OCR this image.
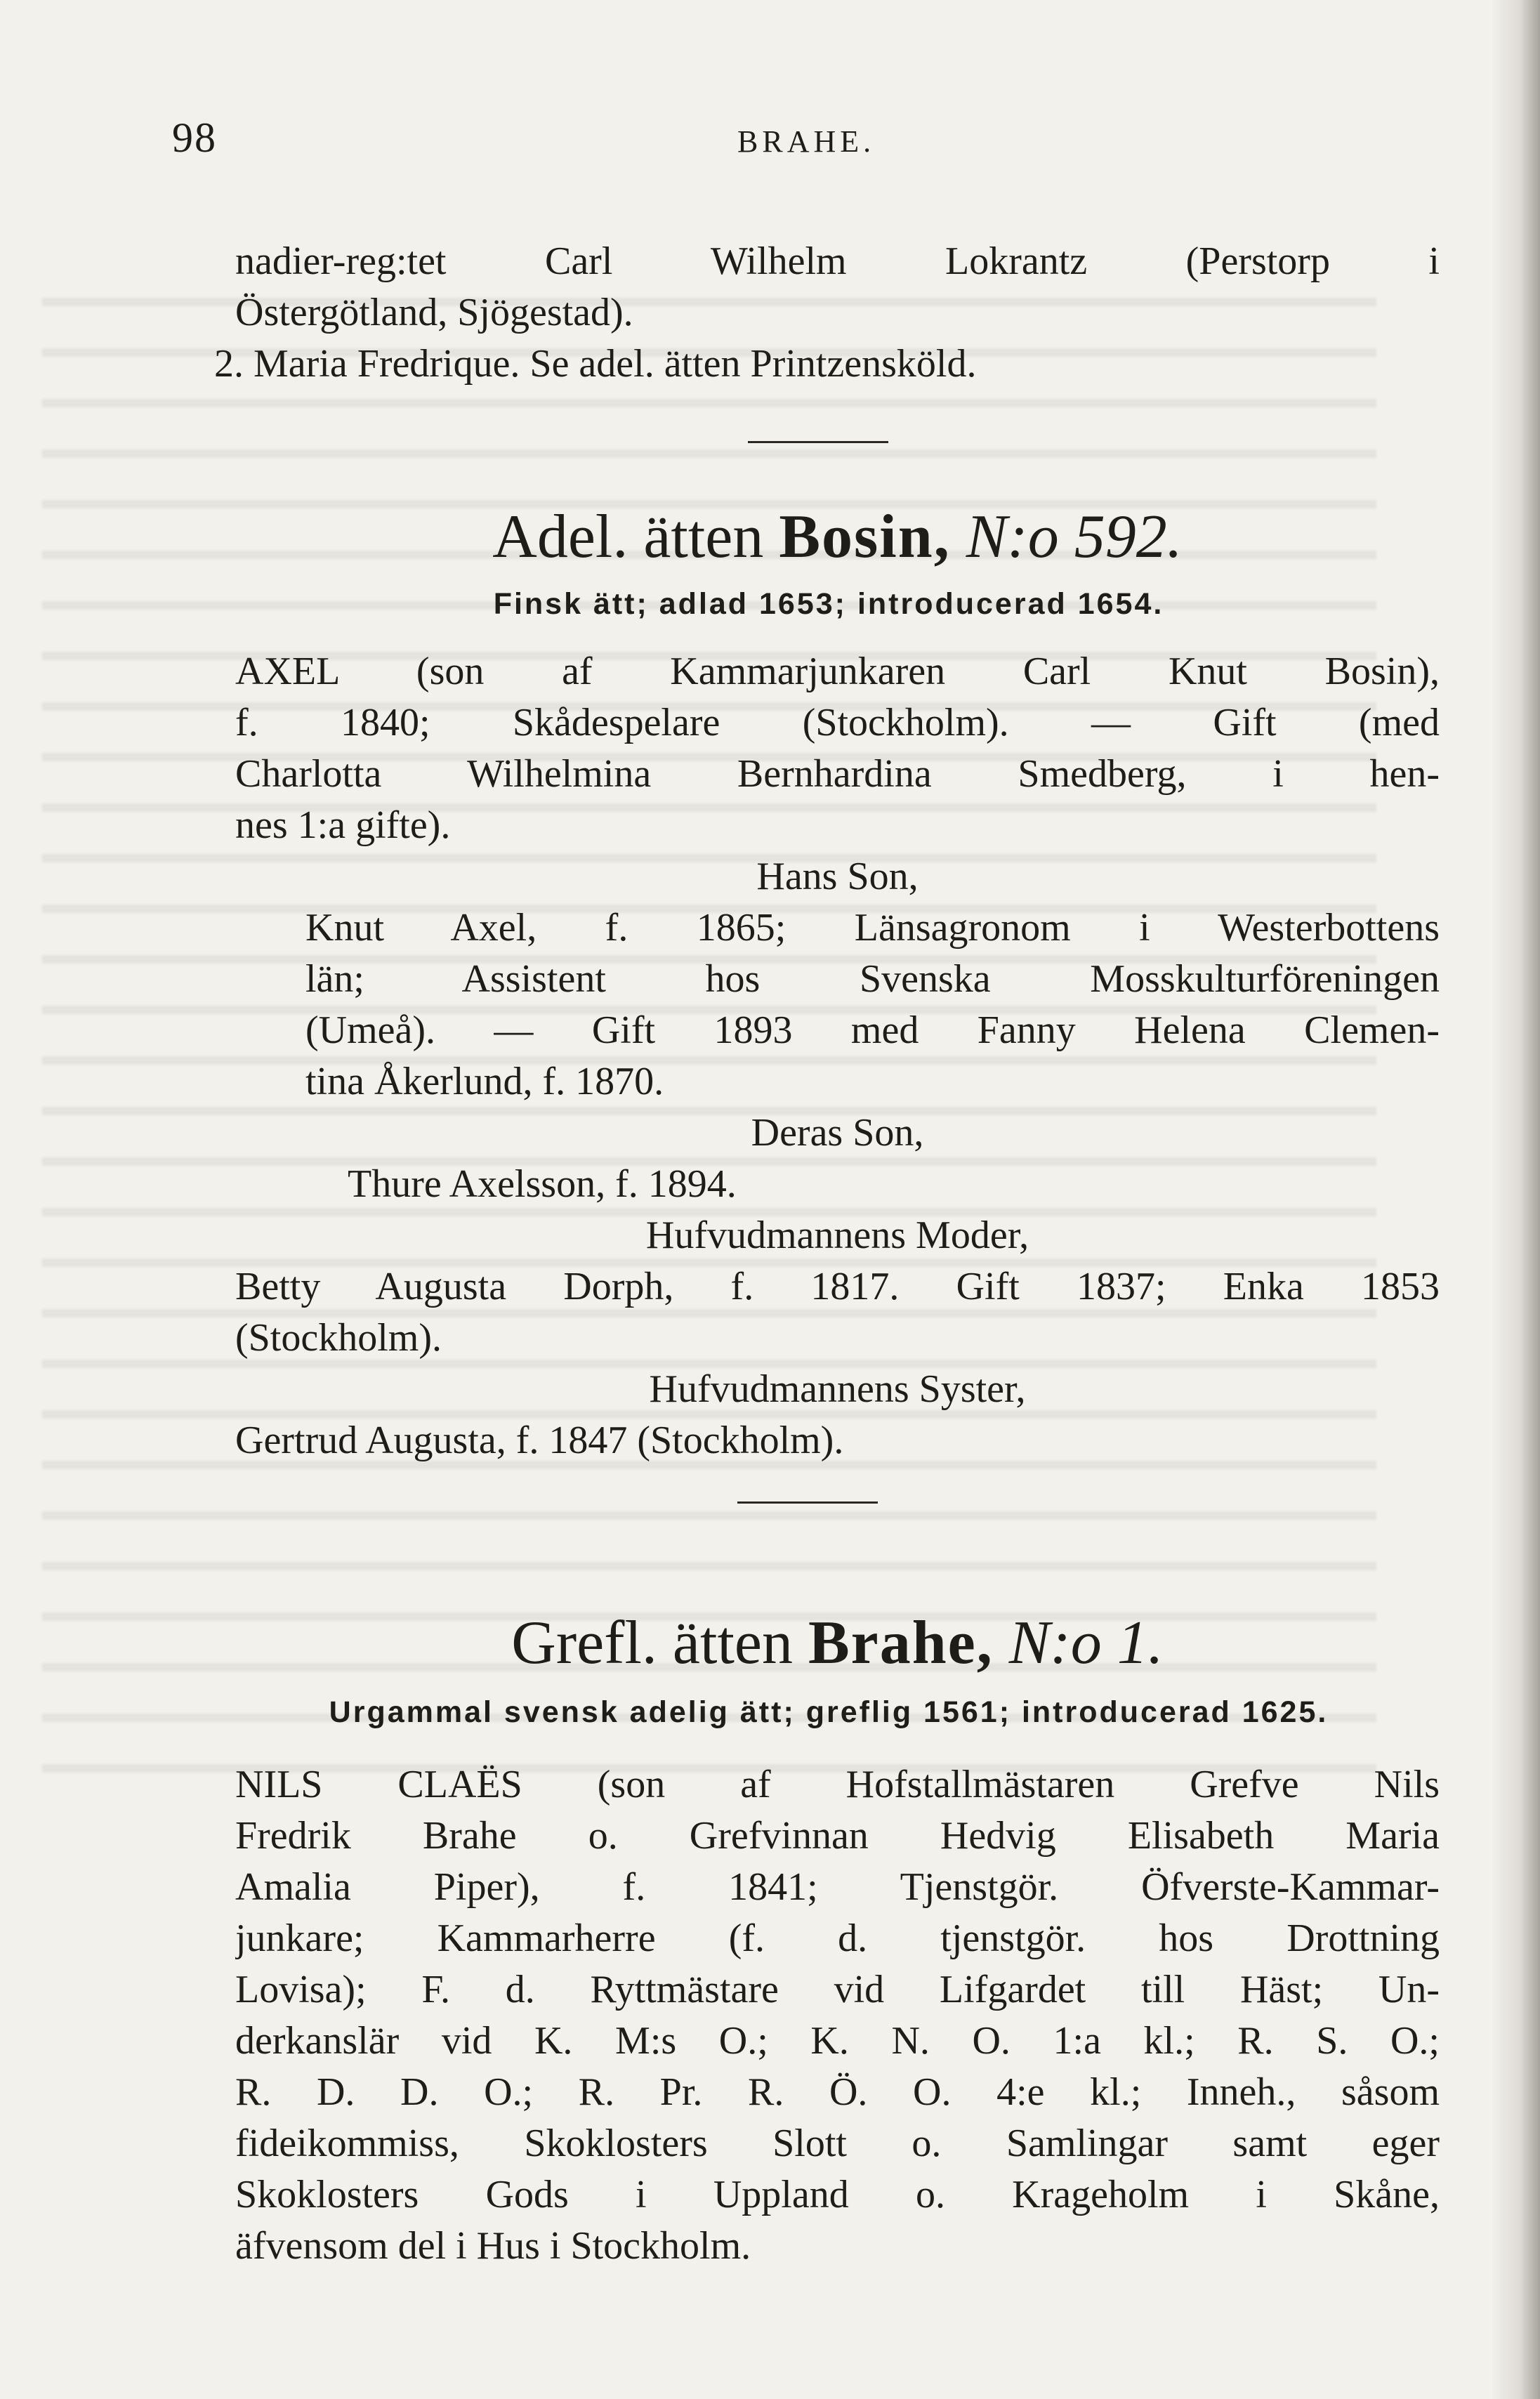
98	BRAHE.
nadier-reg:tet Carl Wilhelm Lokrantz (Perstorp i
Östergötland, Sjögestad).
2. Maria Fredrique. Se adel. ätten Printzensköld.
Adel. ätten Bosin, N:o 592.
Finsk ätt; adlad 1653; introducerad 1654.
AXEL (son af Kammarjunkaren Carl Knut Bosin),
f. 1840; Skådespelare (Stockholm). — Gift (med
Charlotta Wilhelmina Bernhardina Smedberg, i hen-
nes 1:a gifte).
Hans Son,
Knut Axel, f. 1865; Länsagronom i Westerbottens
län; Assistent hos Svenska Mosskulturföreningen
(Umeå). — Gift 1893 med Fanny Helena Clemen-
tina Åkerlund, f. 1870.
Deras Son,
Thure Axelsson, f. 1894.
Hufvudmannens Moder,
Betty Augusta Dorph, f. 1817. Gift 1837; Enka 1853
(Stockholm).
Hufvudmannens Syster,
Gertrud Augusta, f. 1847 (Stockholm).
Grefl. ätten Brahe, N:o 1.
Urgammal svensk adelig ätt; greflig 1561; introducerad 1625.
NILS CLAËS (son af Hofstallmästaren Grefve Nils
Fredrik Brahe o. Grefvinnan Hedvig Elisabeth Maria
Amalia Piper), f. 1841; Tjenstgör. Öfverste-Kammar-
junkare; Kammarherre (f. d. tjenstgör. hos Drottning
Lovisa); F. d. Ryttmästare vid Lifgardet till Häst; Un-
derkanslär vid K. M:s O.; K. N. O. 1:a kl.; R. S. O.;
R. D. D. O.; R. Pr. R. Ö. O. 4:e kl.; Inneh., såsom
fideikommiss, Skoklosters Slott o. Samlingar samt eger
Skoklosters Gods i Uppland o. Krageholm i Skåne,
äfvensom del i Hus i Stockholm.
